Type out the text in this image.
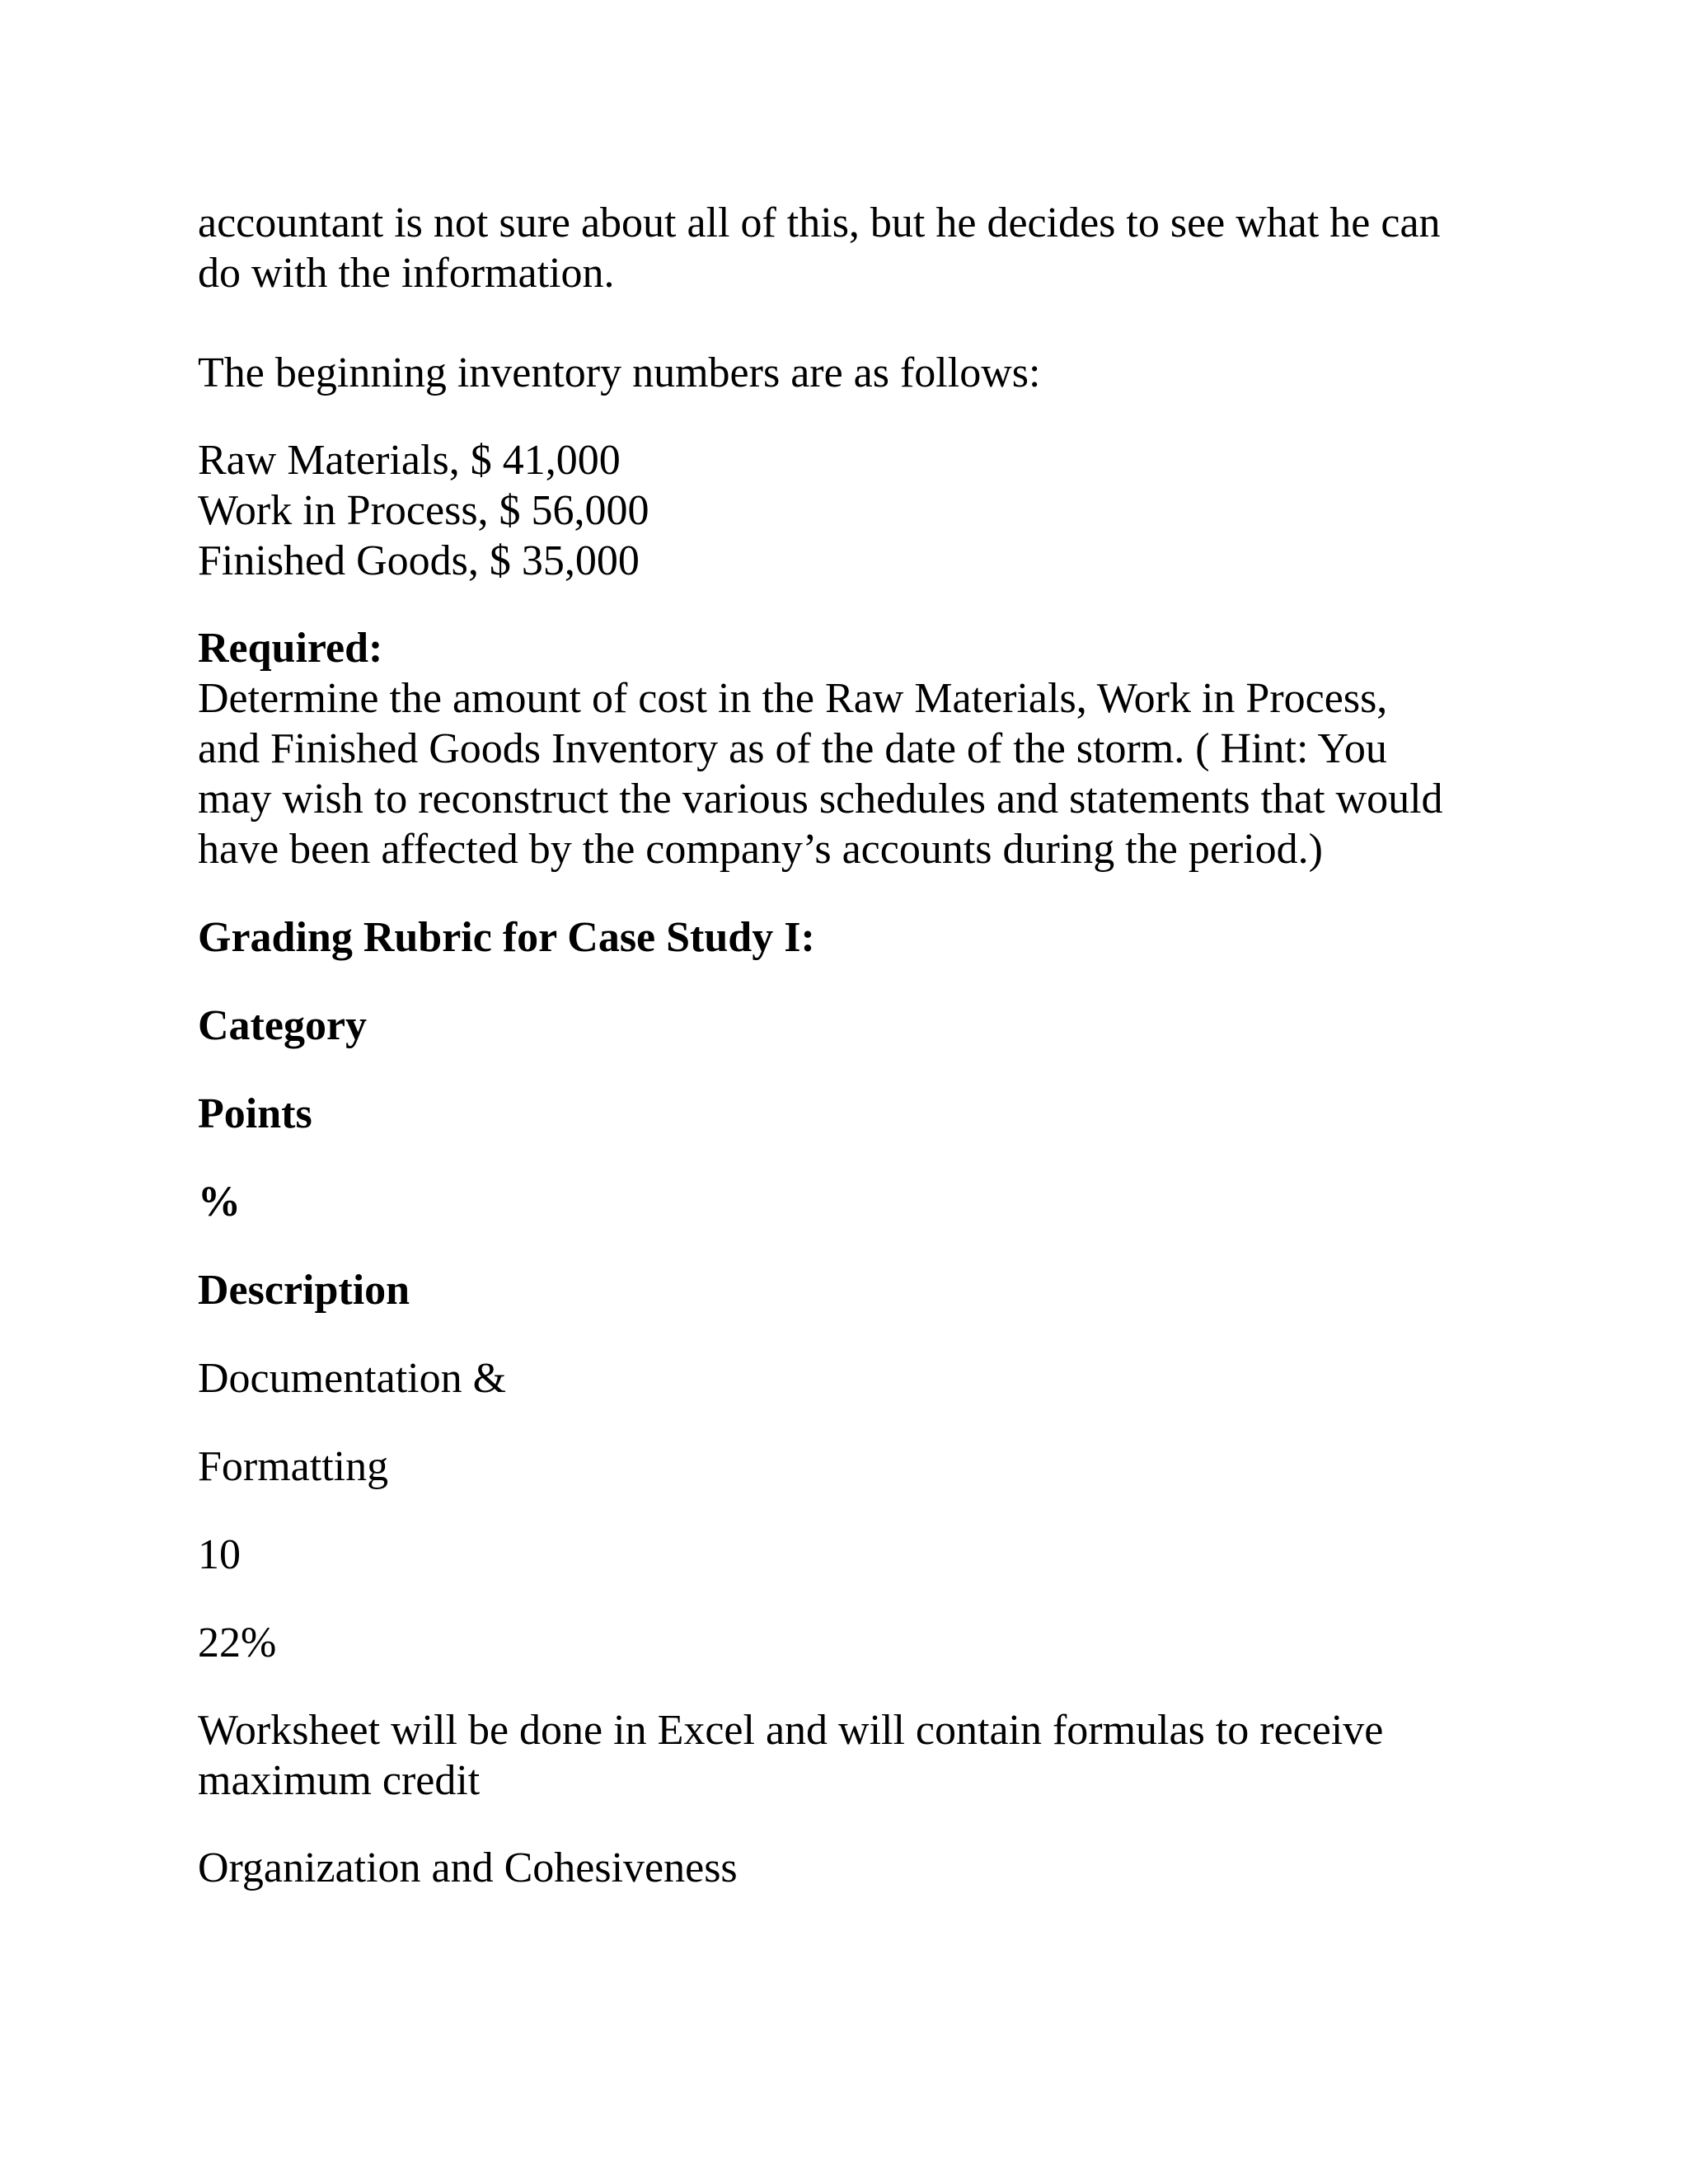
accountant is not sure about all of this, but he decides to see what he can

do with the information.

The beginning inventory numbers are as follows:

Raw Materials, $ 41,000

Work in Process, $ 56,000

Finished Goods, $ 35,000

Required:

Determine the amount of cost in the Raw Materials, Work in Process,

and Finished Goods Inventory as of the date of the storm. ( Hint: You

may wish to reconstruct the various schedules and statements that would

have been affected by the company’s accounts during the period.)

Grading Rubric for Case Study I:

Category

Points

%

Description

Documentation &

Formatting

10

22%

Worksheet will be done in Excel and will contain formulas to receive

maximum credit

Organization and Cohesiveness
